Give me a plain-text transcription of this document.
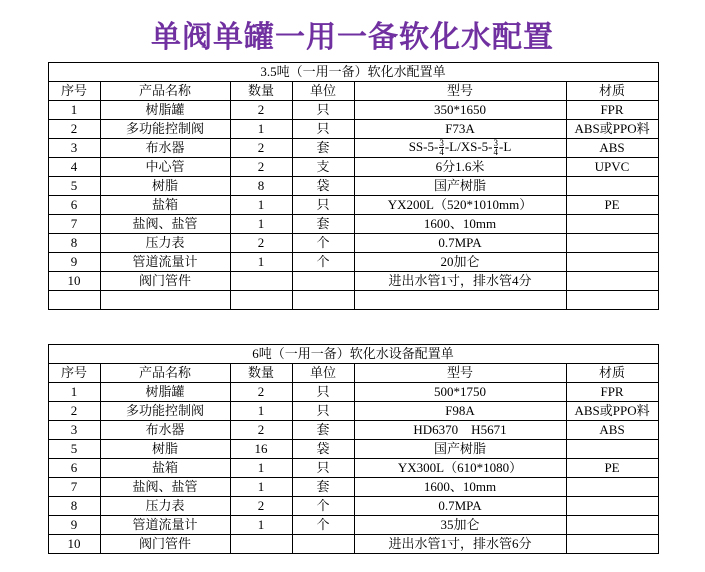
单阀单罐一用一备软化水配置
3.5吨（一用一备）软化水配置单					
序号	产品名称	数量	单位	型号	材质
1	树脂罐	2	只	350*1650	FPR
2	多功能控制阀	1	只	F73A	ABS或PPO料
3	布水器	2	套	$SS-5- \frac{3}{4} -L/XS-5- \frac{3}{4} -L$	ABS
4	中心管	2	支	6分1.6米	UPVC
5	树脂	8	袋	国产树脂	
6	盐箱	1	只	YX200L（520*1010mm）	PE
7	盐阀、盐管	1	套	1600、10mm	
8	压力表	2	个	0.7MPA	
9	管道流量计	1	个	20加仑	
10	阀门管件			进出水管1寸，排水管4分	

6吨（一用一备）软化水设备配置单					
序号	产品名称	数量	单位	型号	材质
1	树脂罐	2	只	500*1750	FPR
2	多功能控制阀	1	只	F98A	ABS或PPO料
3	布水器	2	套	HD6370　H5671	ABS
5	树脂	16	袋	国产树脂	
6	盐箱	1	只	YX300L（610*1080）	PE
7	盐阀、盐管	1	套	1600、10mm	
8	压力表	2	个	0.7MPA	
9	管道流量计	1	个	35加仑	
10	阀门管件			进出水管1寸，排水管6分	
